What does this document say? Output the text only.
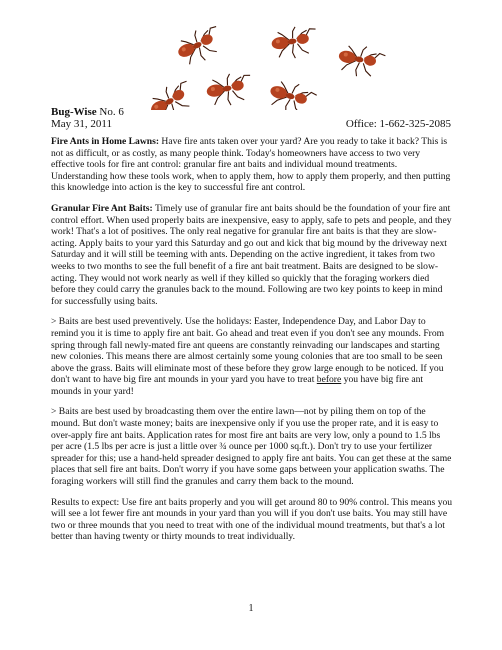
Bug-Wise No. 6
May 31, 2011	Office: 1-662-325-2085

Fire Ants in Home Lawns: Have fire ants taken over your yard? Are you ready to take it back? This is not as difficult, or as costly, as many people think. Today's homeowners have access to two very effective tools for fire ant control: granular fire ant baits and individual mound treatments. Understanding how these tools work, when to apply them, how to apply them properly, and then putting this knowledge into action is the key to successful fire ant control.

Granular Fire Ant Baits: Timely use of granular fire ant baits should be the foundation of your fire ant control effort. When used properly baits are inexpensive, easy to apply, safe to pets and people, and they work! That's a lot of positives. The only real negative for granular fire ant baits is that they are slow-acting. Apply baits to your yard this Saturday and go out and kick that big mound by the driveway next Saturday and it will still be teeming with ants. Depending on the active ingredient, it takes from two weeks to two months to see the full benefit of a fire ant bait treatment. Baits are designed to be slow-acting. They would not work nearly as well if they killed so quickly that the foraging workers died before they could carry the granules back to the mound. Following are two key points to keep in mind for successfully using baits.

> Baits are best used preventively. Use the holidays: Easter, Independence Day, and Labor Day to remind you it is time to apply fire ant bait. Go ahead and treat even if you don't see any mounds. From spring through fall newly-mated fire ant queens are constantly reinvading our landscapes and starting new colonies. This means there are almost certainly some young colonies that are too small to be seen above the grass. Baits will eliminate most of these before they grow large enough to be noticed. If you don't want to have big fire ant mounds in your yard you have to treat before you have big fire ant mounds in your yard!

> Baits are best used by broadcasting them over the entire lawn—not by piling them on top of the mound. But don't waste money; baits are inexpensive only if you use the proper rate, and it is easy to over-apply fire ant baits. Application rates for most fire ant baits are very low, only a pound to 1.5 lbs per acre (1.5 lbs per acre is just a little over ¾ ounce per 1000 sq.ft.). Don't try to use your fertilizer spreader for this; use a hand-held spreader designed to apply fire ant baits. You can get these at the same places that sell fire ant baits. Don't worry if you have some gaps between your application swaths. The foraging workers will still find the granules and carry them back to the mound.

Results to expect: Use fire ant baits properly and you will get around 80 to 90% control. This means you will see a lot fewer fire ant mounds in your yard than you will if you don't use baits. You may still have two or three mounds that you need to treat with one of the individual mound treatments, but that's a lot better than having twenty or thirty mounds to treat individually.

1
